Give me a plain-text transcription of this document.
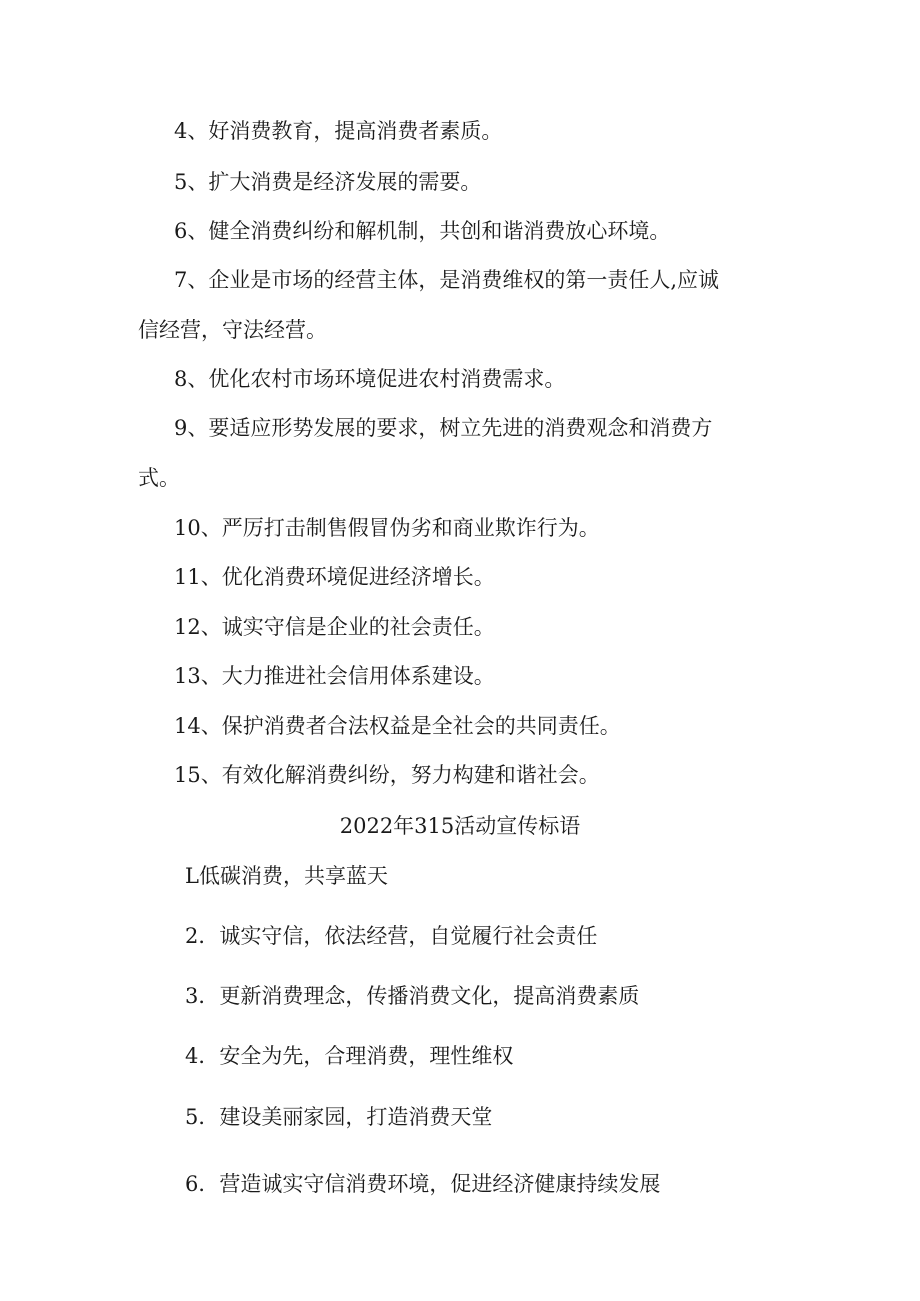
4、好消费教育，提高消费者素质。
5、扩大消费是经济发展的需要。
6、健全消费纠纷和解机制，共创和谐消费放心环境。
7、企业是市场的经营主体，是消费维权的第一责任人,应诚
信经营，守法经营。
8、优化农村市场环境促进农村消费需求。
9、要适应形势发展的要求，树立先进的消费观念和消费方
式。
10、严厉打击制售假冒伪劣和商业欺诈行为。
11、优化消费环境促进经济增长。
12、诚实守信是企业的社会责任。
13、大力推进社会信用体系建设。
14、保护消费者合法权益是全社会的共同责任。
15、有效化解消费纠纷，努力构建和谐社会。
2022年315活动宣传标语
L低碳消费，共享蓝天
2．诚实守信，依法经营，自觉履行社会责任
3．更新消费理念，传播消费文化，提高消费素质
4．安全为先，合理消费，理性维权
5．建设美丽家园，打造消费天堂
6．营造诚实守信消费环境，促进经济健康持续发展
